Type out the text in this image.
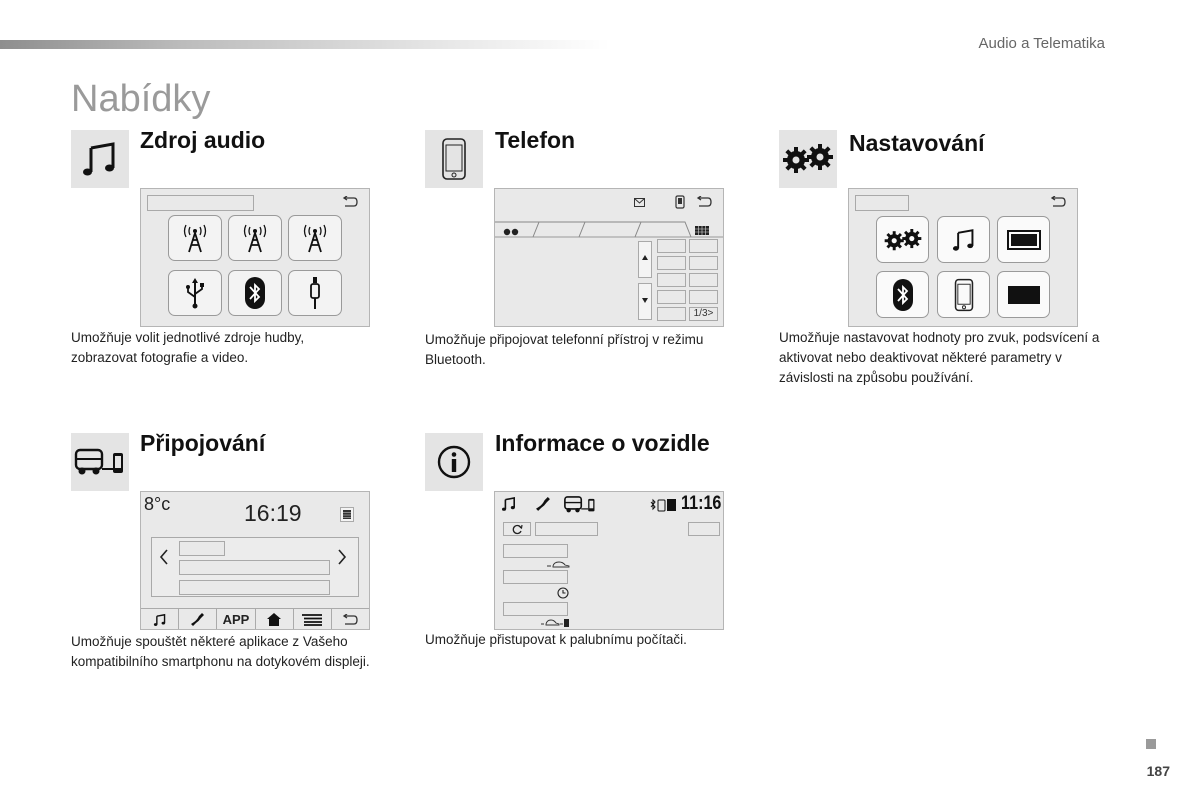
Audio a Telematika
Nabídky
Zdroj audio
Umožňuje volit jednotlivé zdroje hudby, zobrazovat fotografie a video.
Telefon
1/3>
Umožňuje připojovat telefonní přístroj v režimu Bluetooth.
Nastavování
Umožňuje nastavovat hodnoty pro zvuk, podsvícení a aktivovat nebo deaktivovat některé parametry v závislosti na způsobu používání.
Připojování
8°c	16:19
APP
Umožňuje spouštět některé aplikace z Vašeho kompatibilního smartphonu na dotykovém displeji.
Informace o vozidle
11:16
Umožňuje přistupovat k palubnímu počítači.
187
